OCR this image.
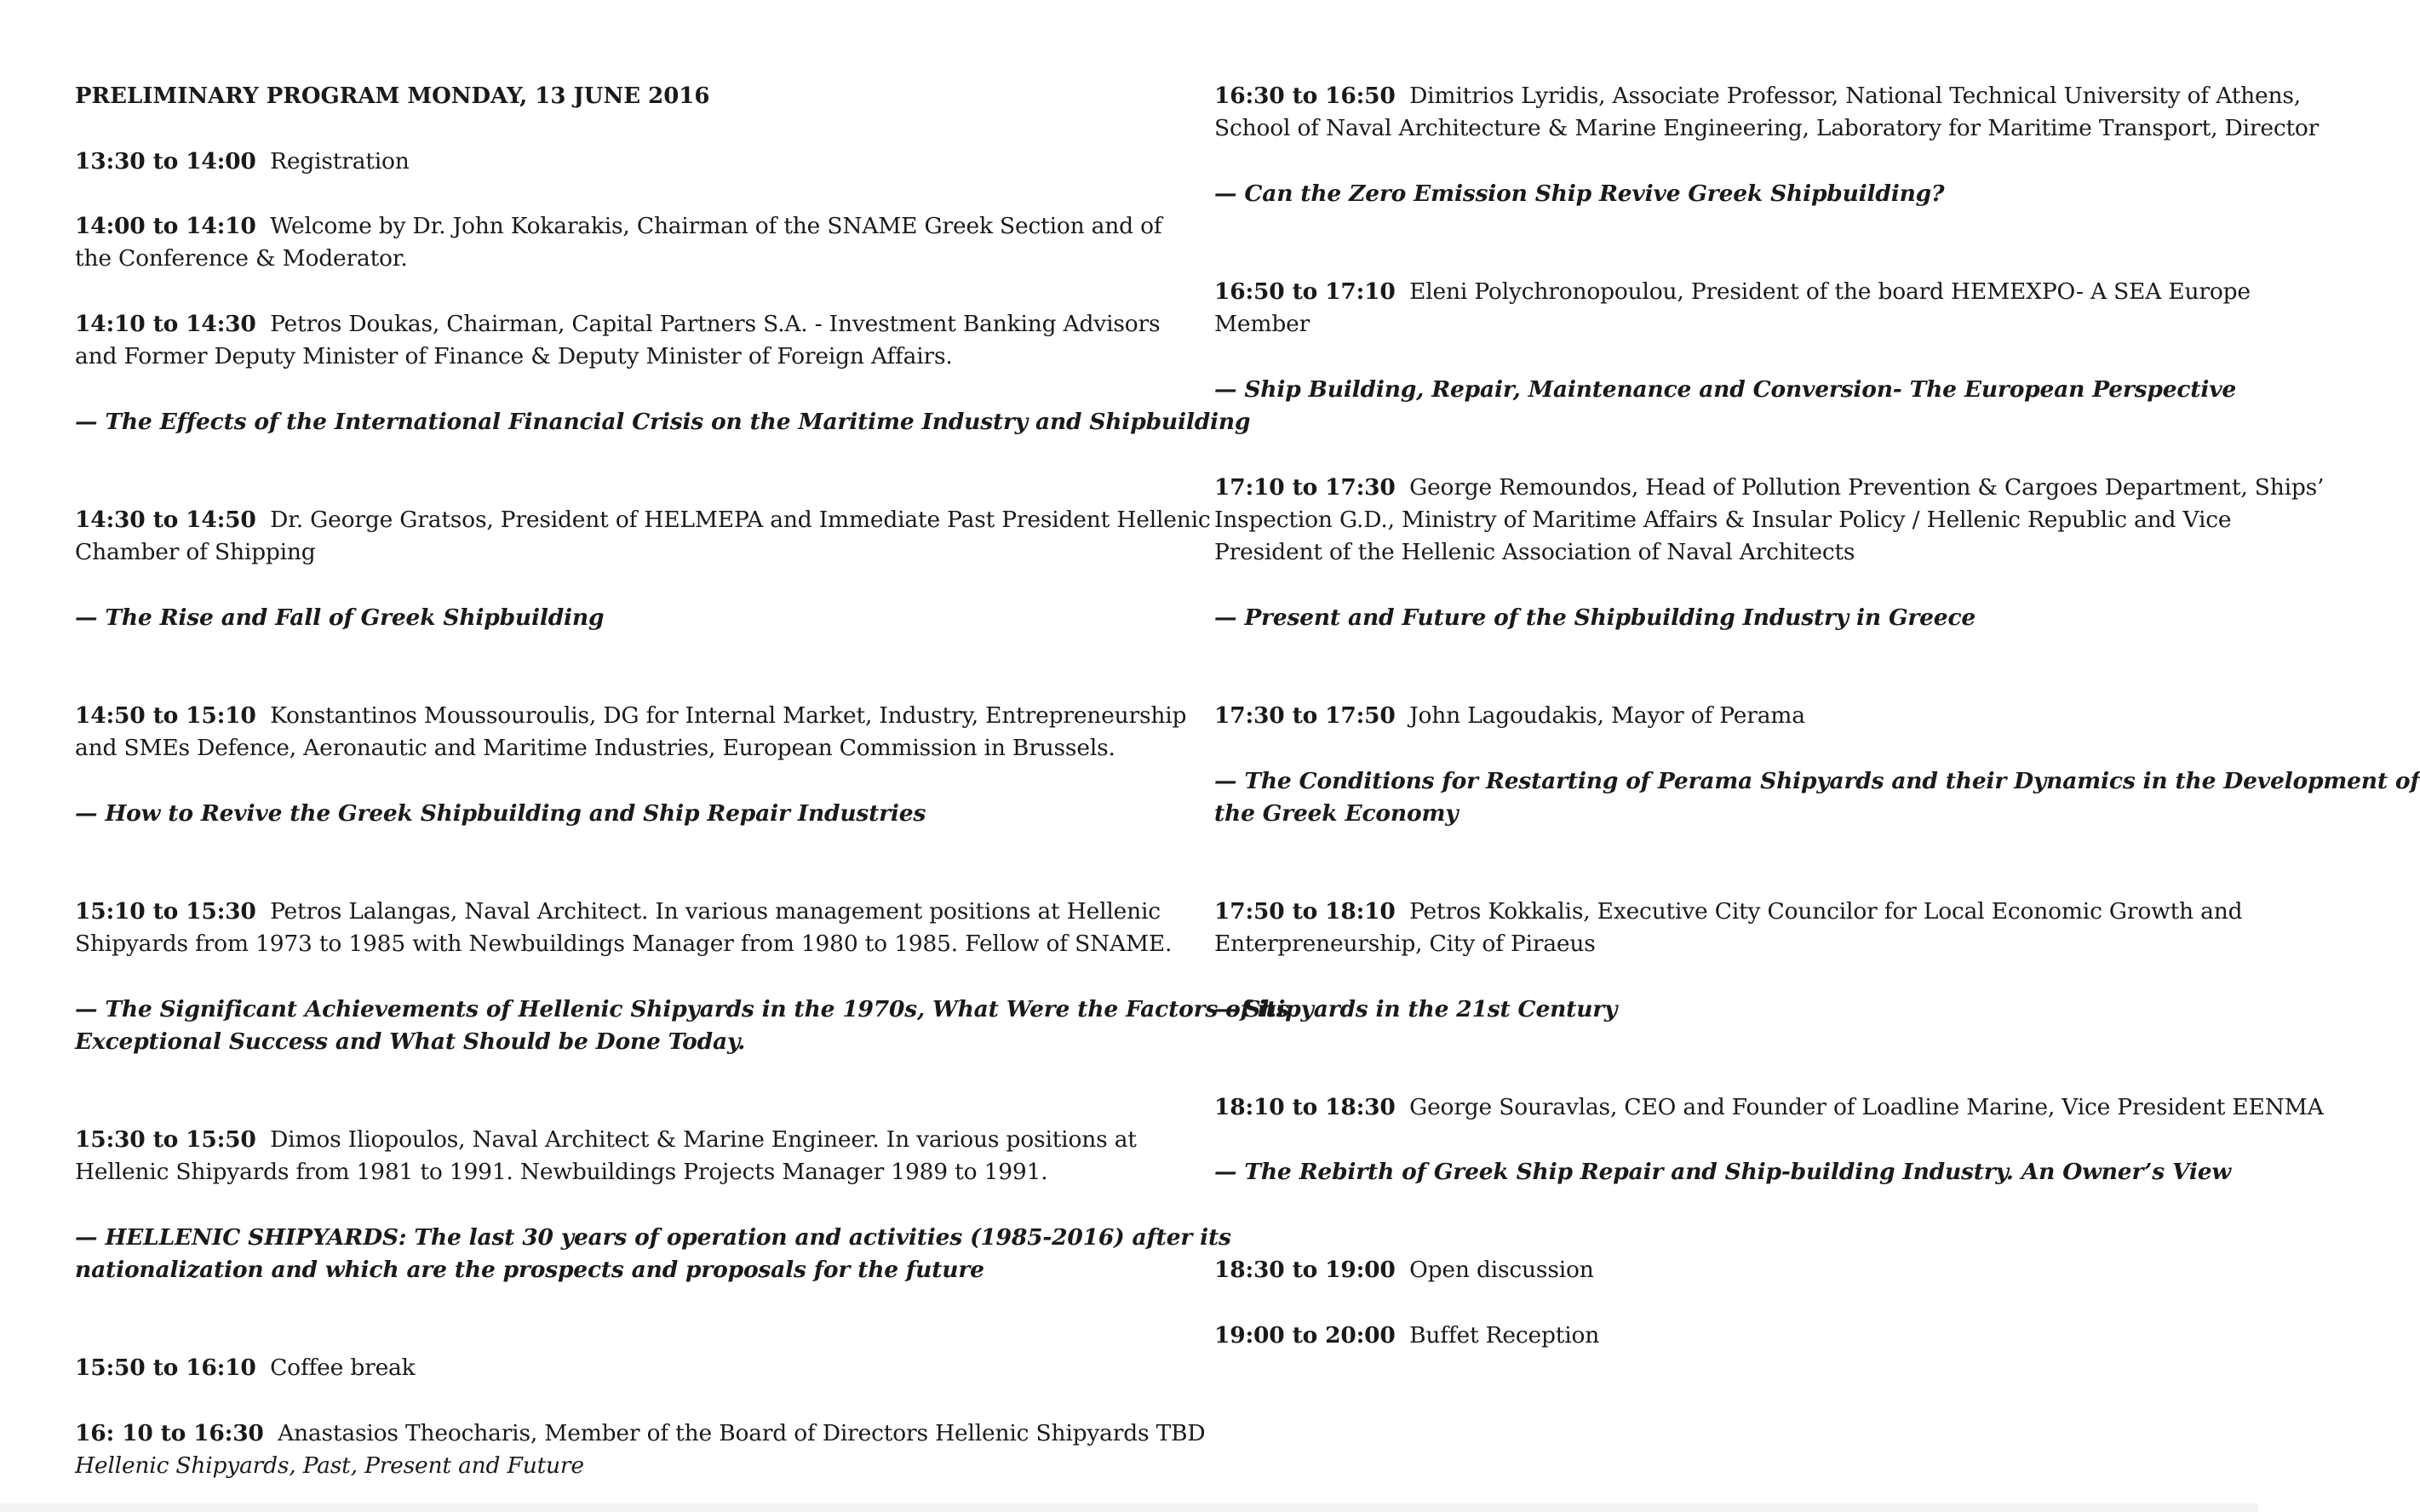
PRELIMINARY PROGRAM MONDAY, 13 JUNE 2016
13:30 to 14:00 Registration
14:00 to 14:10 Welcome by Dr. John Kokarakis, Chairman of the SNAME Greek Section and of
the Conference & Moderator.
14:10 to 14:30 Petros Doukas, Chairman, Capital Partners S.A. - Investment Banking Advisors
and Former Deputy Minister of Finance & Deputy Minister of Foreign Affairs.
— The Effects of the International Financial Crisis on the Maritime Industry and Shipbuilding
14:30 to 14:50 Dr. George Gratsos, President of HELMEPA and Immediate Past President Hellenic
Chamber of Shipping
— The Rise and Fall of Greek Shipbuilding
14:50 to 15:10 Konstantinos Moussouroulis, DG for Internal Market, Industry, Entrepreneurship
and SMEs Defence, Aeronautic and Maritime Industries, European Commission in Brussels.
— How to Revive the Greek Shipbuilding and Ship Repair Industries
15:10 to 15:30 Petros Lalangas, Naval Architect. In various management positions at Hellenic
Shipyards from 1973 to 1985 with Newbuildings Manager from 1980 to 1985. Fellow of SNAME.
— The Significant Achievements of Hellenic Shipyards in the 1970s, What Were the Factors of its
Exceptional Success and What Should be Done Today.
15:30 to 15:50 Dimos Iliopoulos, Naval Architect & Marine Engineer. In various positions at
Hellenic Shipyards from 1981 to 1991. Newbuildings Projects Manager 1989 to 1991.
— HELLENIC SHIPYARDS: The last 30 years of operation and activities (1985-2016) after its
nationalization and which are the prospects and proposals for the future
15:50 to 16:10 Coffee break
16: 10 to 16:30 Anastasios Theocharis, Member of the Board of Directors Hellenic Shipyards TBD
Hellenic Shipyards, Past, Present and Future
16:30 to 16:50 Dimitrios Lyridis, Associate Professor, National Technical University of Athens,
School of Naval Architecture & Marine Engineering, Laboratory for Maritime Transport, Director
— Can the Zero Emission Ship Revive Greek Shipbuilding?
16:50 to 17:10 Eleni Polychronopoulou, President of the board HEMEXPO- A SEA Europe
Member
— Ship Building, Repair, Maintenance and Conversion- The European Perspective
17:10 to 17:30 George Remoundos, Head of Pollution Prevention & Cargoes Department, Ships’
Inspection G.D., Ministry of Maritime Affairs & Insular Policy / Hellenic Republic and Vice
President of the Hellenic Association of Naval Architects
— Present and Future of the Shipbuilding Industry in Greece
17:30 to 17:50 John Lagoudakis, Mayor of Perama
— The Conditions for Restarting of Perama Shipyards and their Dynamics in the Development of
the Greek Economy
17:50 to 18:10 Petros Kokkalis, Executive City Councilor for Local Economic Growth and
Enterpreneurship, City of Piraeus
— Shipyards in the 21st Century
18:10 to 18:30 George Souravlas, CEO and Founder of Loadline Marine, Vice President EENMA
— The Rebirth of Greek Ship Repair and Ship-building Industry. An Owner’s View
18:30 to 19:00 Open discussion
19:00 to 20:00 Buffet Reception
